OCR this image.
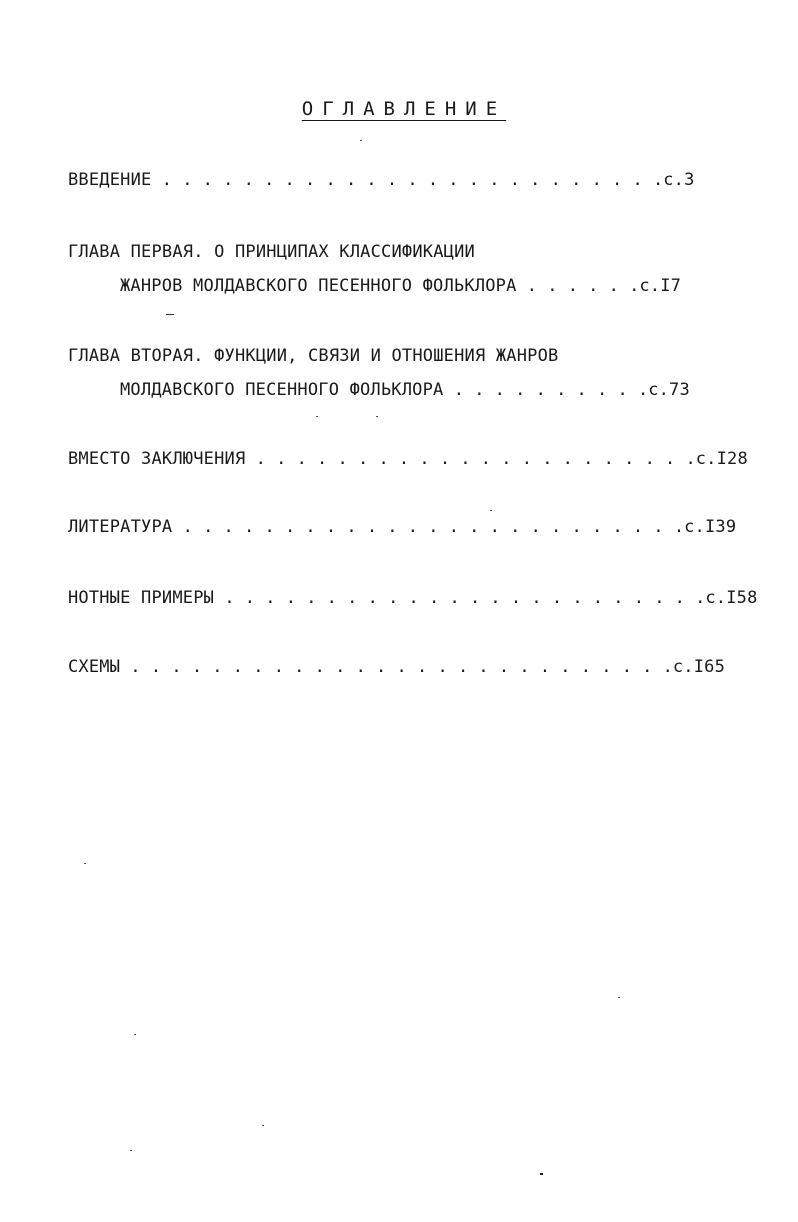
ОГЛАВЛЕНИЕ
ВВЕДЕНИЕ . . . . . . . . . . . . . . . . . . . . . . . . .с.3
ГЛАВА ПЕРВАЯ. О ПРИНЦИПАХ КЛАССИФИКАЦИИ
ЖАНРОВ МОЛДАВСКОГО ПЕСЕННОГО ФОЛЬКЛОРА . . . . . .с.I7
ГЛАВА ВТОРАЯ. ФУНКЦИИ, СВЯЗИ И ОТНОШЕНИЯ ЖАНРОВ
МОЛДАВСКОГО ПЕСЕННОГО ФОЛЬКЛОРА . . . . . . . . . .с.73
ВМЕСТО ЗАКЛЮЧЕНИЯ . . . . . . . . . . . . . . . . . . . . . .с.I28
ЛИТЕРАТУРА . . . . . . . . . . . . . . . . . . . . . . . . .с.I39
НОТНЫЕ ПРИМЕРЫ . . . . . . . . . . . . . . . . . . . . . . . .с.I58
СХЕМЫ . . . . . . . . . . . . . . . . . . . . . . . . . . .с.I65
